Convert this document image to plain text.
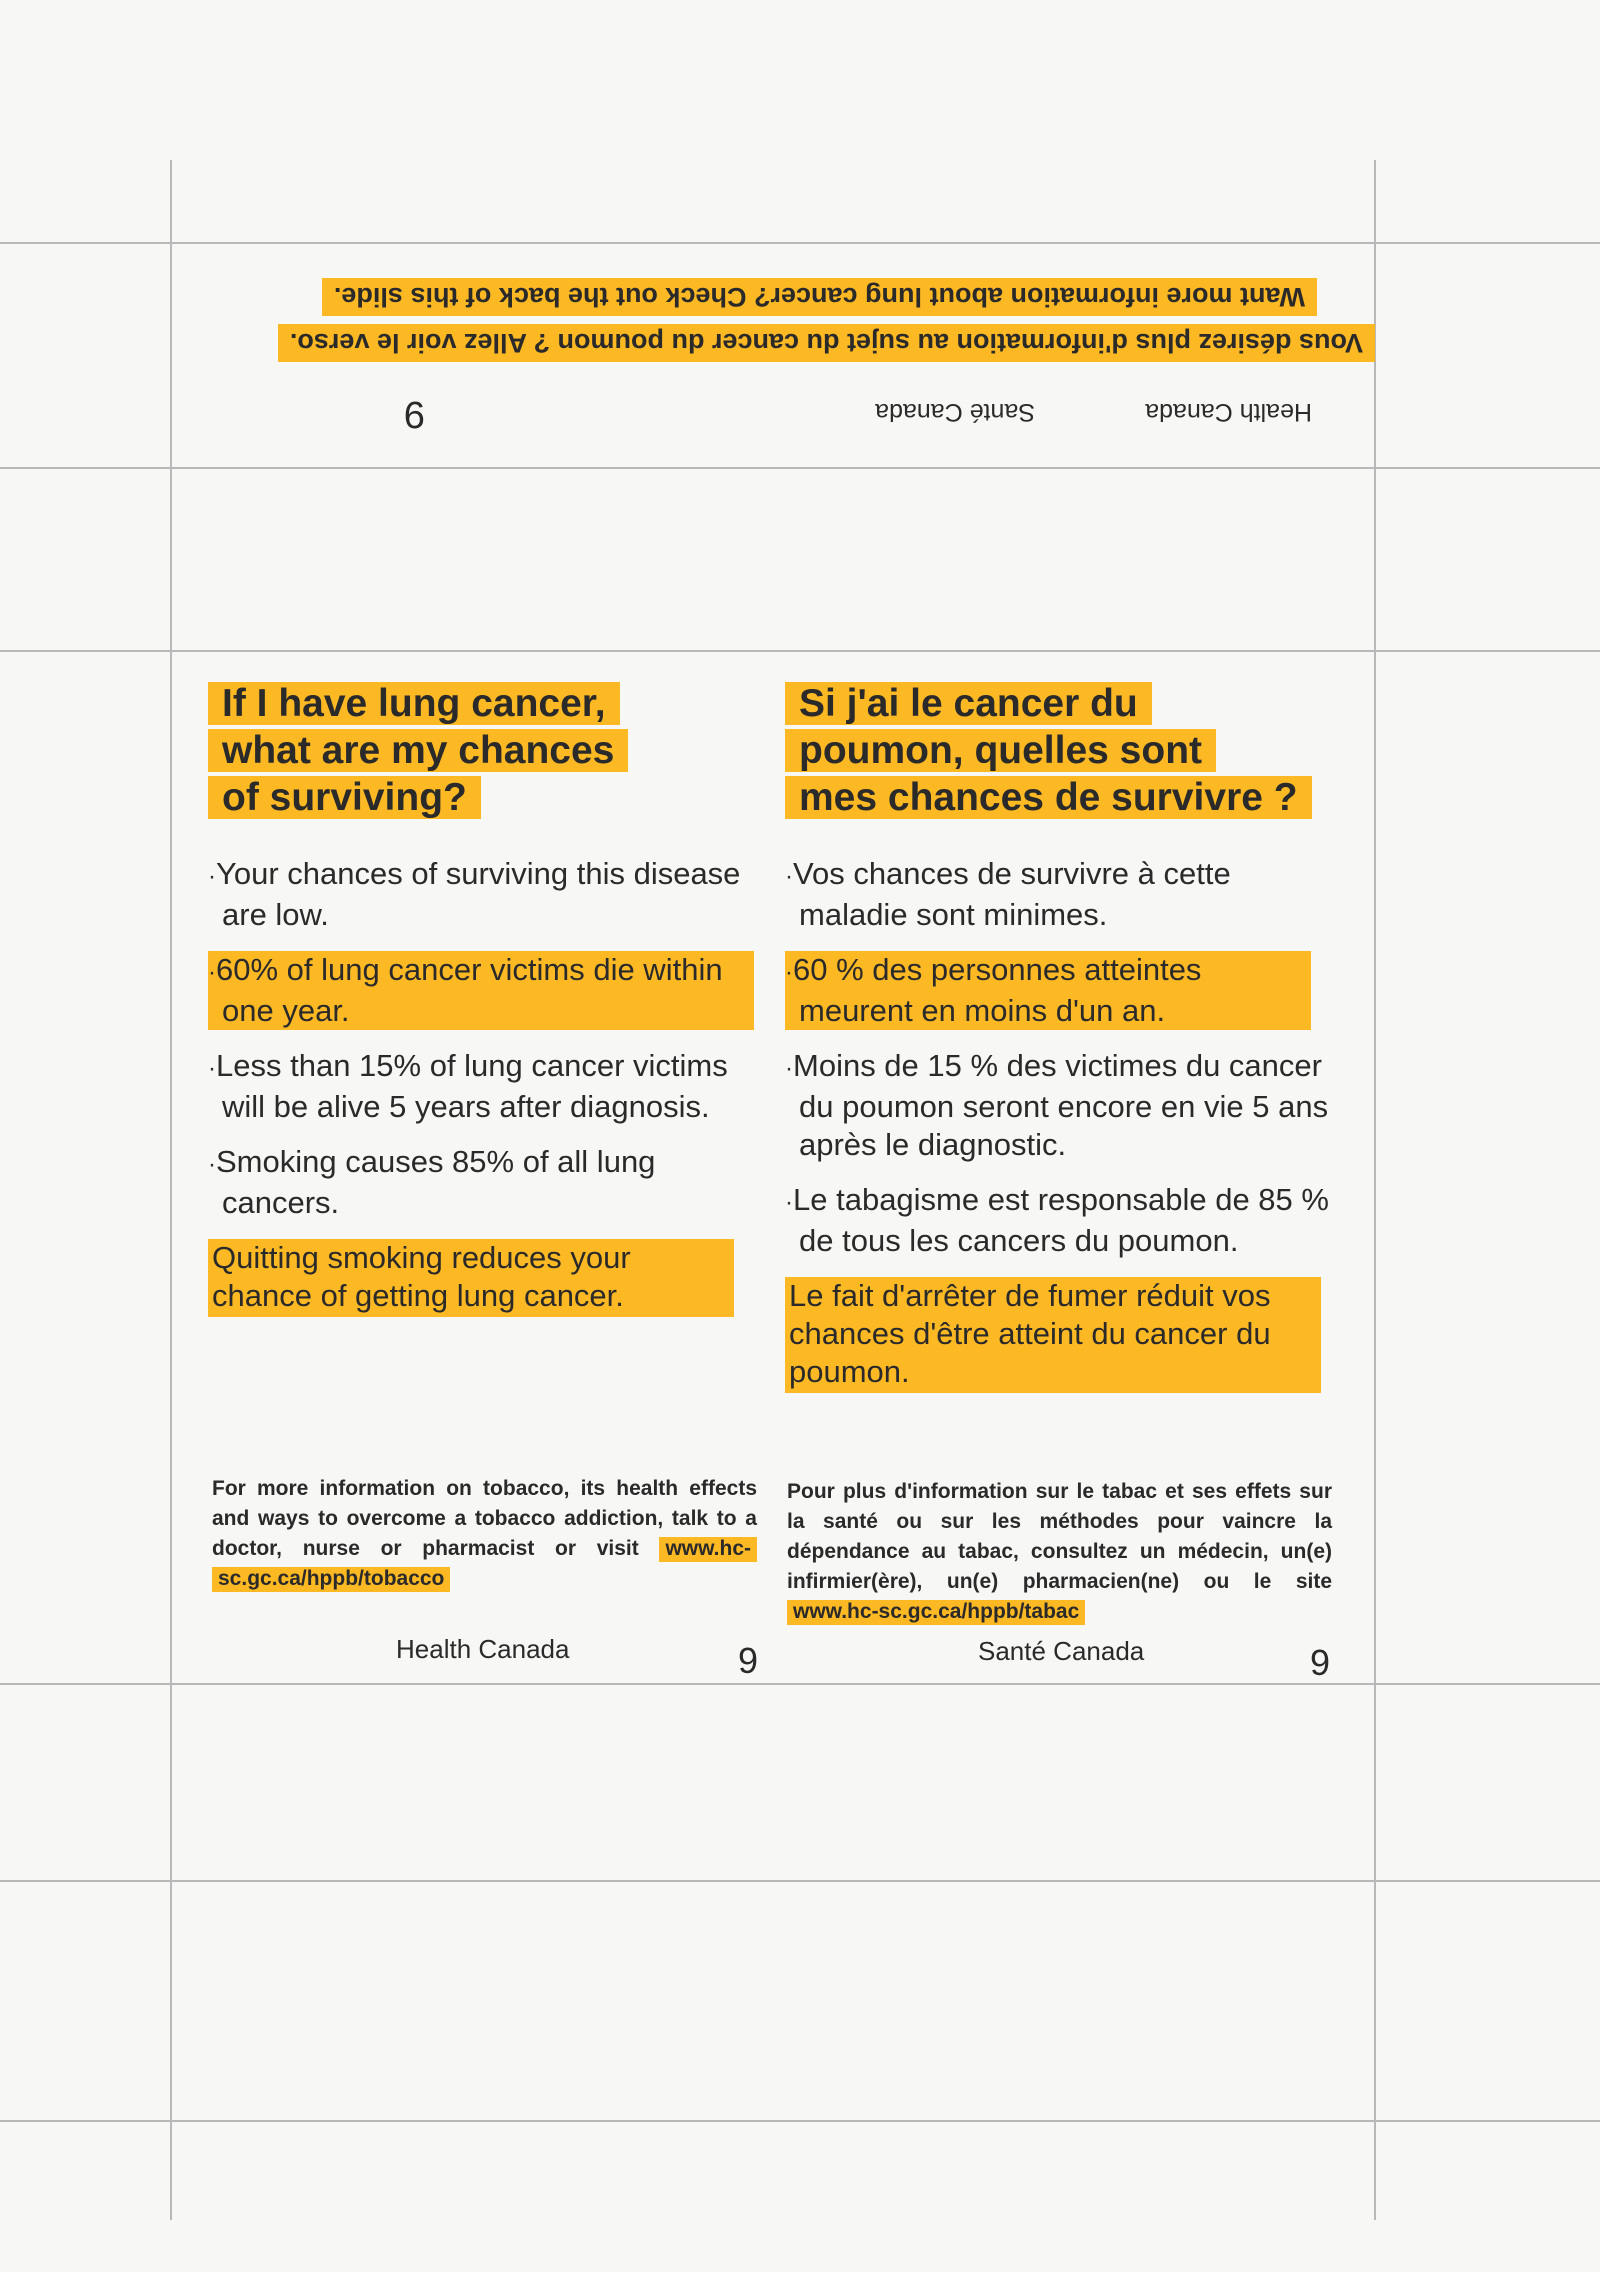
Want more information about lung cancer? Check out the back of this slide.
Vous désirez plus d'information au sujet du cancer du poumon ? Allez voir le verso.
Health Canada
Santé Canada
9
If I have lung cancer,
what are my chances
of surviving?
·Your chances of surviving this disease are low.
·60% of lung cancer victims die within one year.
·Less than 15% of lung cancer victims will be alive 5 years after diagnosis.
·Smoking causes 85% of all lung cancers.
Quitting smoking reduces your chance of getting lung cancer.
For more information on tobacco, its health effects and ways to overcome a tobacco addiction, talk to a doctor, nurse or pharmacist or visit www.hc-sc.gc.ca/hppb/tobacco
Health Canada	9
Si j'ai le cancer du
poumon, quelles sont
mes chances de survivre ?
·Vos chances de survivre à cette maladie sont minimes.
·60 % des personnes atteintes meurent en moins d'un an.
·Moins de 15 % des victimes du cancer du poumon seront encore en vie 5 ans après le diagnostic.
·Le tabagisme est responsable de 85 % de tous les cancers du poumon.
Le fait d'arrêter de fumer réduit vos chances d'être atteint du cancer du poumon.
Pour plus d'information sur le tabac et ses effets sur la santé ou sur les méthodes pour vaincre la dépendance au tabac, consultez un médecin, un(e) infirmier(ère), un(e) pharmacien(ne) ou le site www.hc-sc.gc.ca/hppb/tabac
Santé Canada	9
